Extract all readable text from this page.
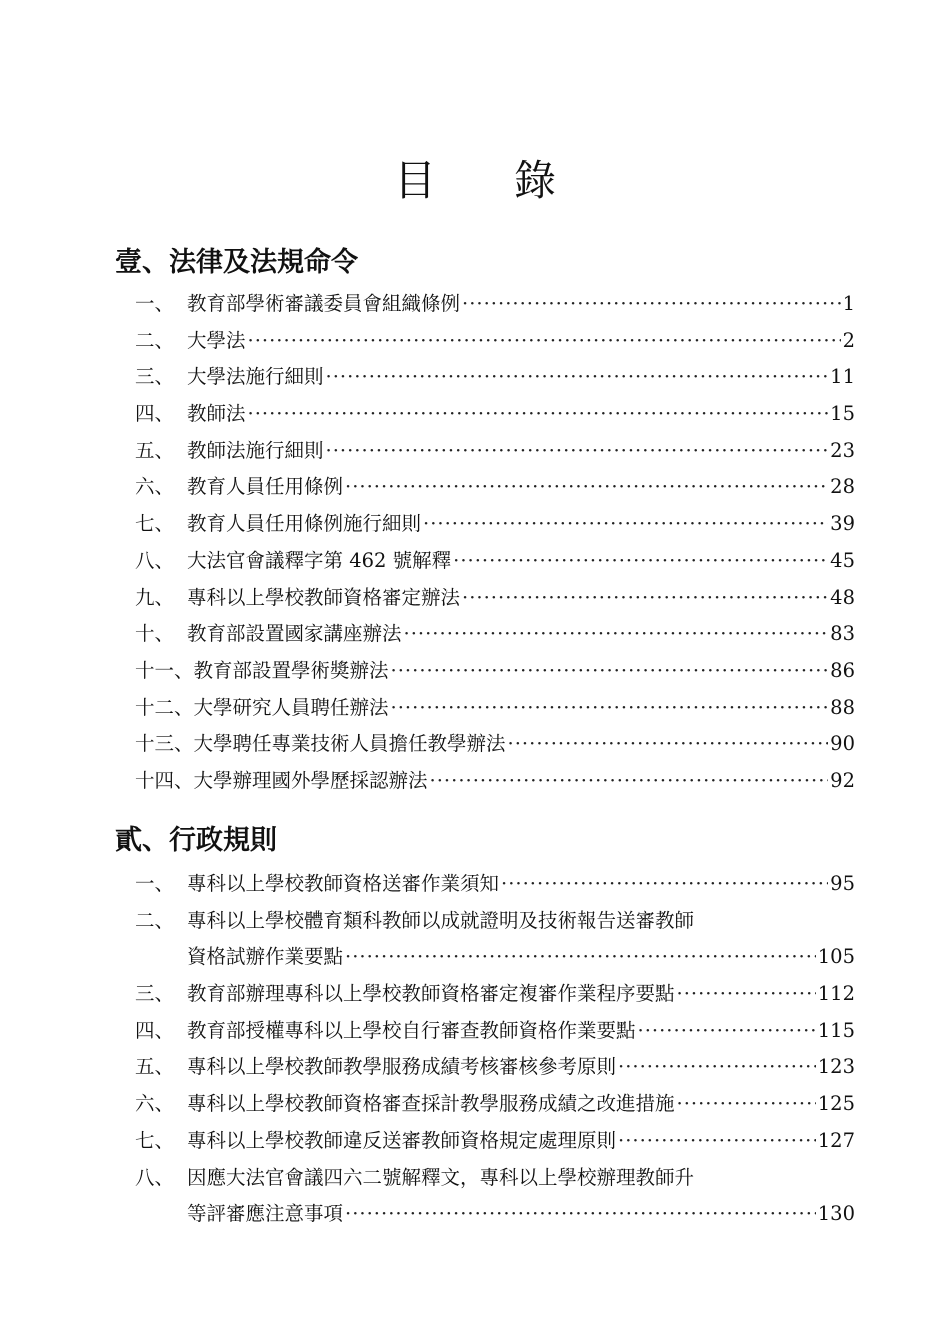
目錄
壹、法律及法規命令
一、 教育部學術審議委員會組織條例 ·····	1
二、 大學法 ·····	2
三、 大學法施行細則 ·····	11
四、 教師法 ·····	15
五、 教師法施行細則 ·····	23
六、 教育人員任用條例 ·····	28
七、 教育人員任用條例施行細則 ·····	39
八、 大法官會議釋字第 462 號解釋 ·····	45
九、 專科以上學校教師資格審定辦法 ·····	48
十、 教育部設置國家講座辦法 ·····	83
十一、 教育部設置學術獎辦法 ·····	86
十二、 大學研究人員聘任辦法 ·····	88
十三、 大學聘任專業技術人員擔任教學辦法 ·····	90
十四、 大學辦理國外學歷採認辦法 ·····	92
貳、行政規則
一、 專科以上學校教師資格送審作業須知 ·····	95
二、 專科以上學校體育類科教師以成就證明及技術報告送審教師
資格試辦作業要點 ·····	105
三、 教育部辦理專科以上學校教師資格審定複審作業程序要點 ·····	112
四、 教育部授權專科以上學校自行審查教師資格作業要點 ·····	115
五、 專科以上學校教師教學服務成績考核審核參考原則 ·····	123
六、 專科以上學校教師資格審查採計教學服務成績之改進措施 ·····	125
七、 專科以上學校教師違反送審教師資格規定處理原則 ·····	127
八、 因應大法官會議四六二號解釋文，專科以上學校辦理教師升
等評審應注意事項 ·····	130
